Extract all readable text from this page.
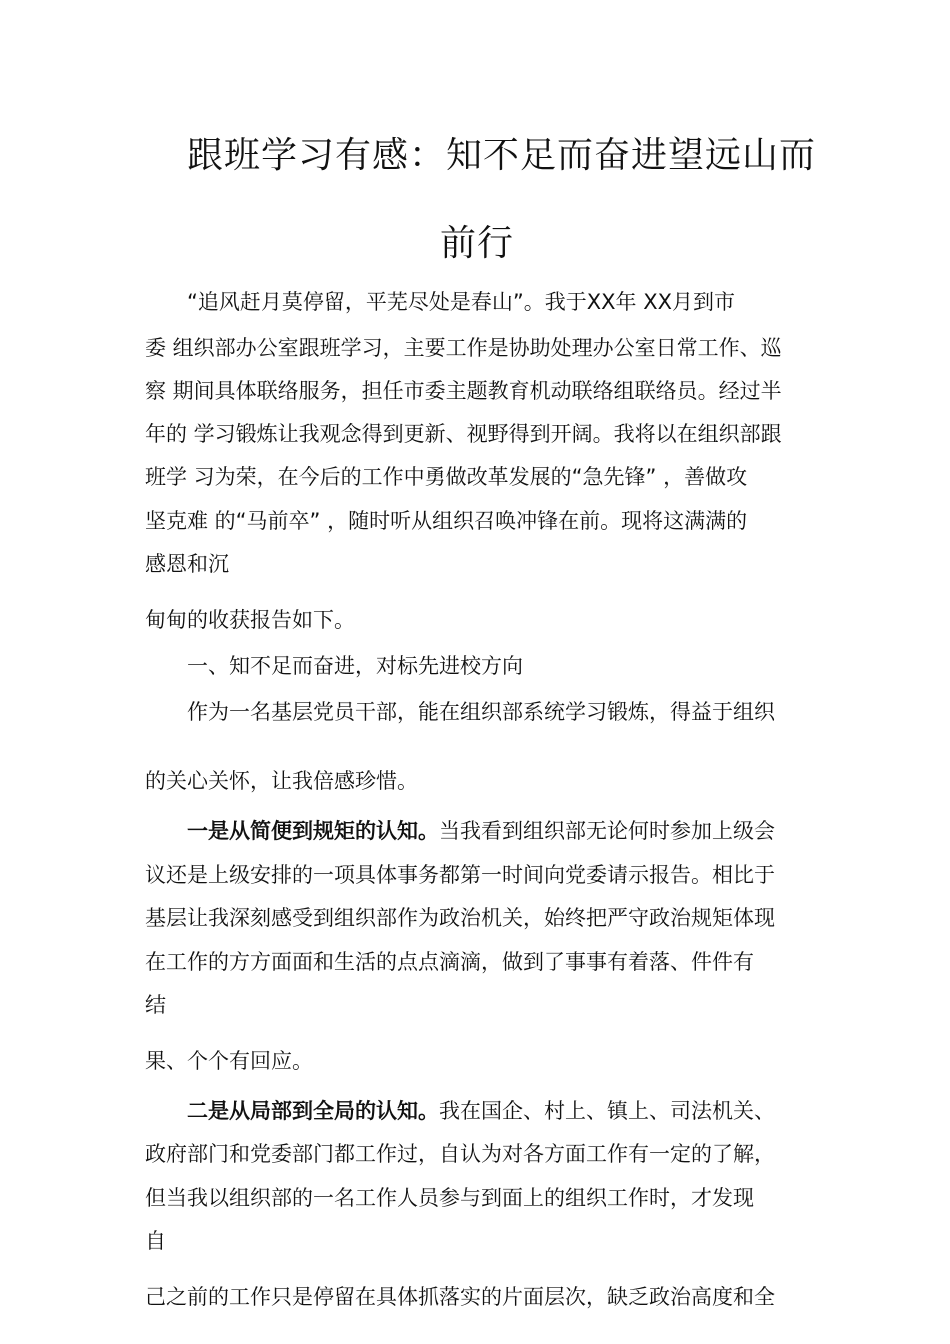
跟班学习有感：知不足而奋进望远山而
前行
“追风赶月莫停留，平芜尽处是春山”。我于XX年 XX月到市
委 组织部办公室跟班学习，主要工作是协助处理办公室日常工作、巡
察 期间具体联络服务，担任市委主题教育机动联络组联络员。经过半
年的 学习锻炼让我观念得到更新、视野得到开阔。我将以在组织部跟
班学 习为荣，在今后的工作中勇做改革发展的“急先锋” ，善做攻
坚克难 的“马前卒” ，随时听从组织召唤冲锋在前。现将这满满的
感恩和沉
甸甸的收获报告如下。
一、知不足而奋进，对标先进校方向
作为一名基层党员干部，能在组织部系统学习锻炼，得益于组织
的关心关怀，让我倍感珍惜。
一是从简便到规矩的认知。当我看到组织部无论何时参加上级会
议还是上级安排的一项具体事务都第一时间向党委请示报告。相比于
基层让我深刻感受到组织部作为政治机关，始终把严守政治规矩体现
在工作的方方面面和生活的点点滴滴，做到了事事有着落、件件有
结
果、个个有回应。
二是从局部到全局的认知。我在国企、村上、镇上、司法机关、
政府部门和党委部门都工作过，自认为对各方面工作有一定的了解，
但当我以组织部的一名工作人员参与到面上的组织工作时，才发现
自
己之前的工作只是停留在具体抓落实的片面层次，缺乏政治高度和全
